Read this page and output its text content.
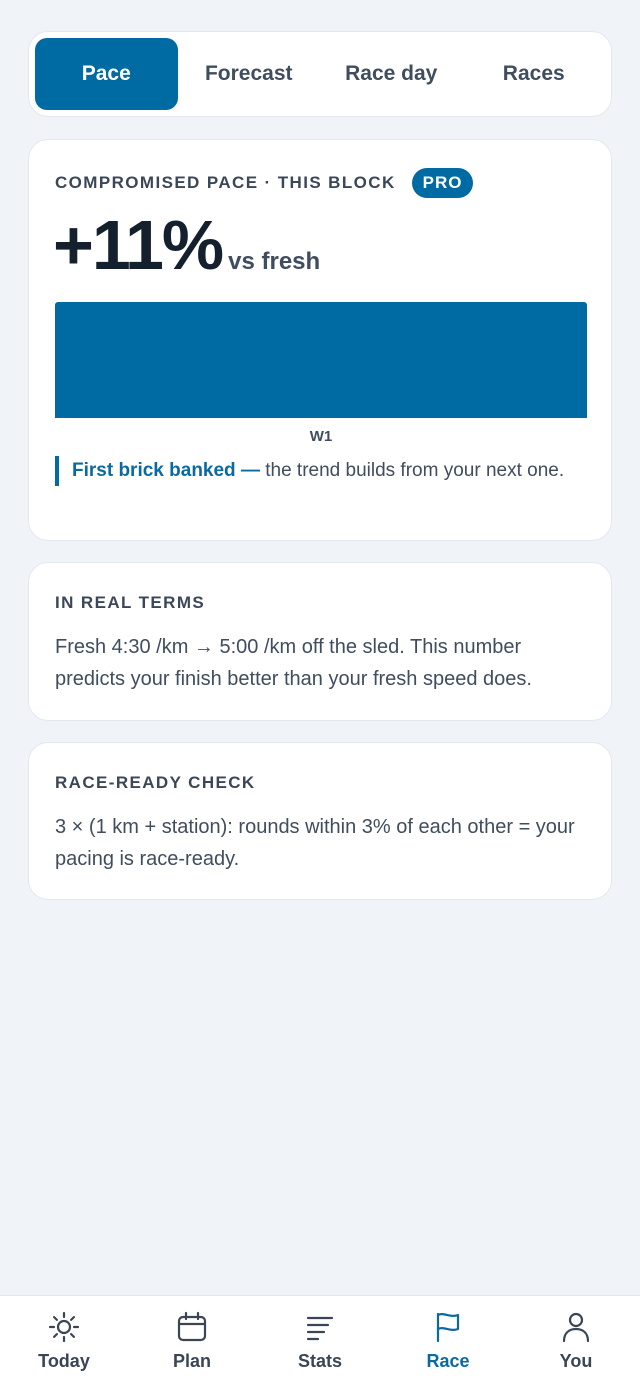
Pace	Forecast	Race day	Races
COMPROMISED PACE · THIS BLOCK	PRO
+11% vs fresh
W1
First brick banked — the trend builds from your next one.
IN REAL TERMS
Fresh 4:30 /km → 5:00 /km off the sled. This number predicts your finish better than your fresh speed does.
RACE-READY CHECK
3 × (1 km + station): rounds within 3% of each other = your pacing is race-ready.
Today	Plan	Stats	Race	You
